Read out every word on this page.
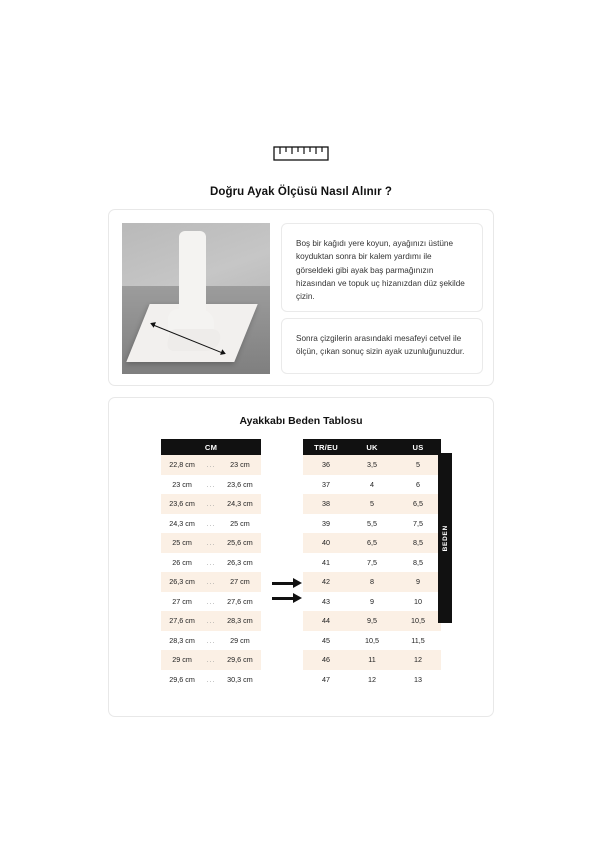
Doğru Ayak Ölçüsü Nasıl Alınır ?
Boş bir kağıdı yere koyun, ayağınızı üstüne koyduktan sonra bir kalem yardımı ile görseldeki gibi ayak baş parmağınızın hizasından ve topuk uç hizanızdan düz şekilde çizin.
Sonra çizgilerin arasındaki mesafeyi cetvel ile ölçün, çıkan sonuç sizin ayak uzunluğunuzdur.
Ayakkabı Beden Tablosu
CM		
22,8 cm	...	23 cm
23 cm	...	23,6 cm
23,6 cm	...	24,3 cm
24,3 cm	...	25 cm
25 cm	...	25,6 cm
26 cm	...	26,3 cm
26,3 cm	...	27 cm
27 cm	...	27,6 cm
27,6 cm	...	28,3 cm
28,3 cm	...	29 cm
29 cm	...	29,6 cm
29,6 cm	...	30,3 cm
TR/EU	UK	US
36	3,5	5
37	4	6
38	5	6,5
39	5,5	7,5
40	6,5	8,5
41	7,5	8,5
42	8	9
43	9	10
44	9,5	10,5
45	10,5	11,5
46	11	12
47	12	13
BEDEN
